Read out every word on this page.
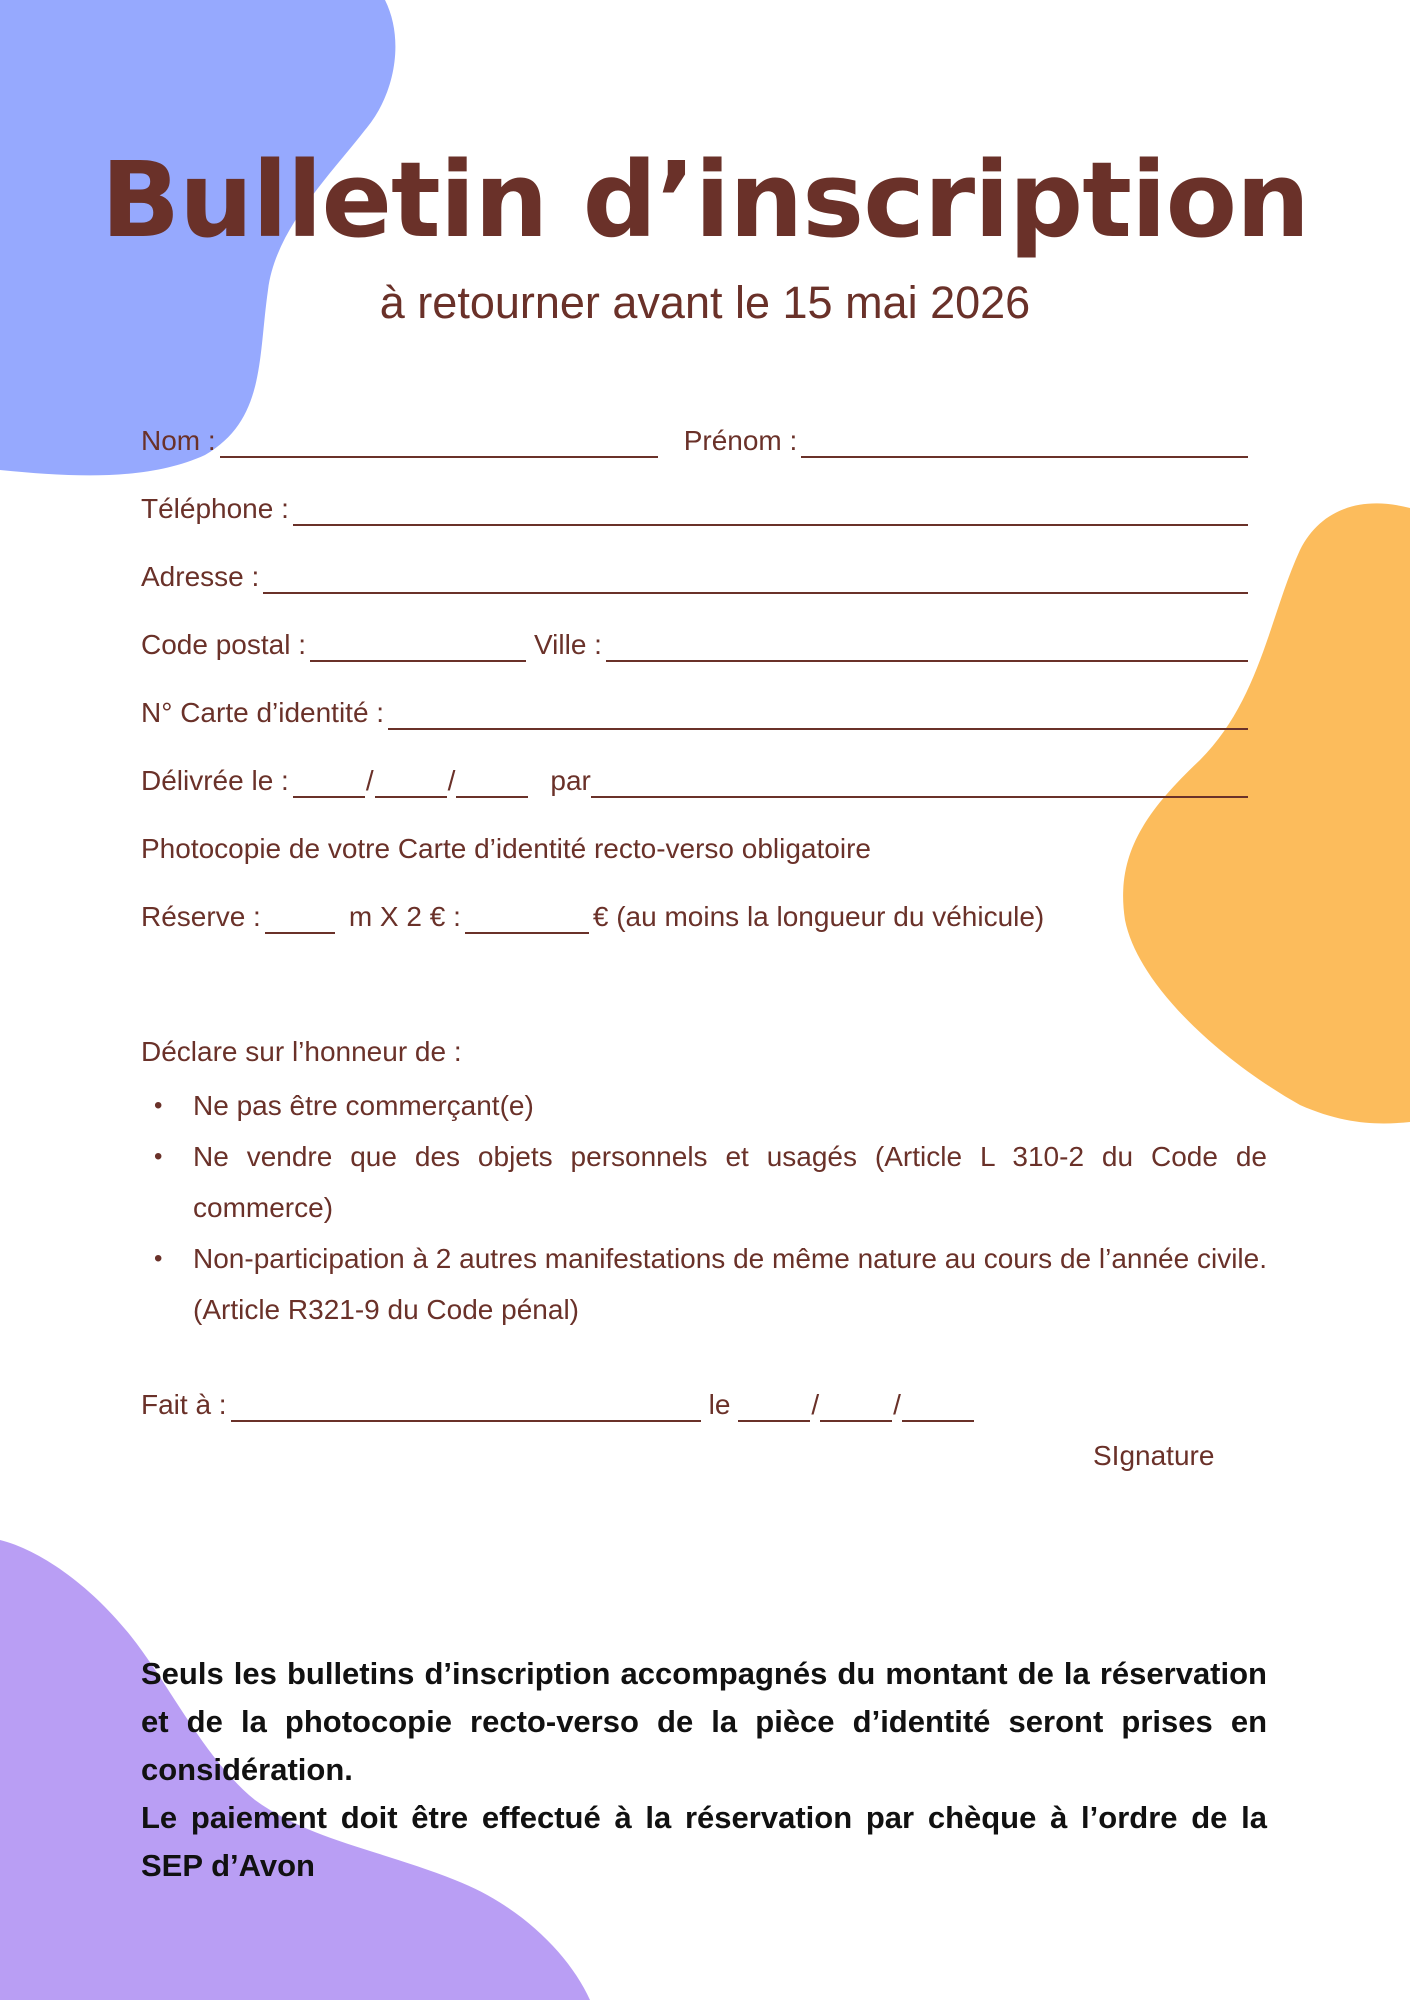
Bulletin d’inscription

à retourner avant le 15 mai 2026

Nom :	Prénom :
Téléphone :
Adresse :
Code postal :	Ville :
N° Carte d’identité :
Délivrée le :	/	/	par
Photocopie de votre Carte d’identité recto-verso obligatoire
Réserve :	m X 2 € :	€ (au moins la longueur du véhicule)
Déclare sur l’honneur de :
• Ne pas être commerçant(e)
• Ne vendre que des objets personnels et usagés (Article L 310-2 du Code de commerce)
• Non-participation à 2 autres manifestations de même nature au cours de l’année civile. (Article R321-9 du Code pénal)
Fait à :	le	/	/
SIgnature

Seuls les bulletins d’inscription accompagnés du montant de la réservation et de la photocopie recto-verso de la pièce d’identité seront prises en considération.

Le paiement doit être effectué à la réservation par chèque à l’ordre de la SEP d’Avon
